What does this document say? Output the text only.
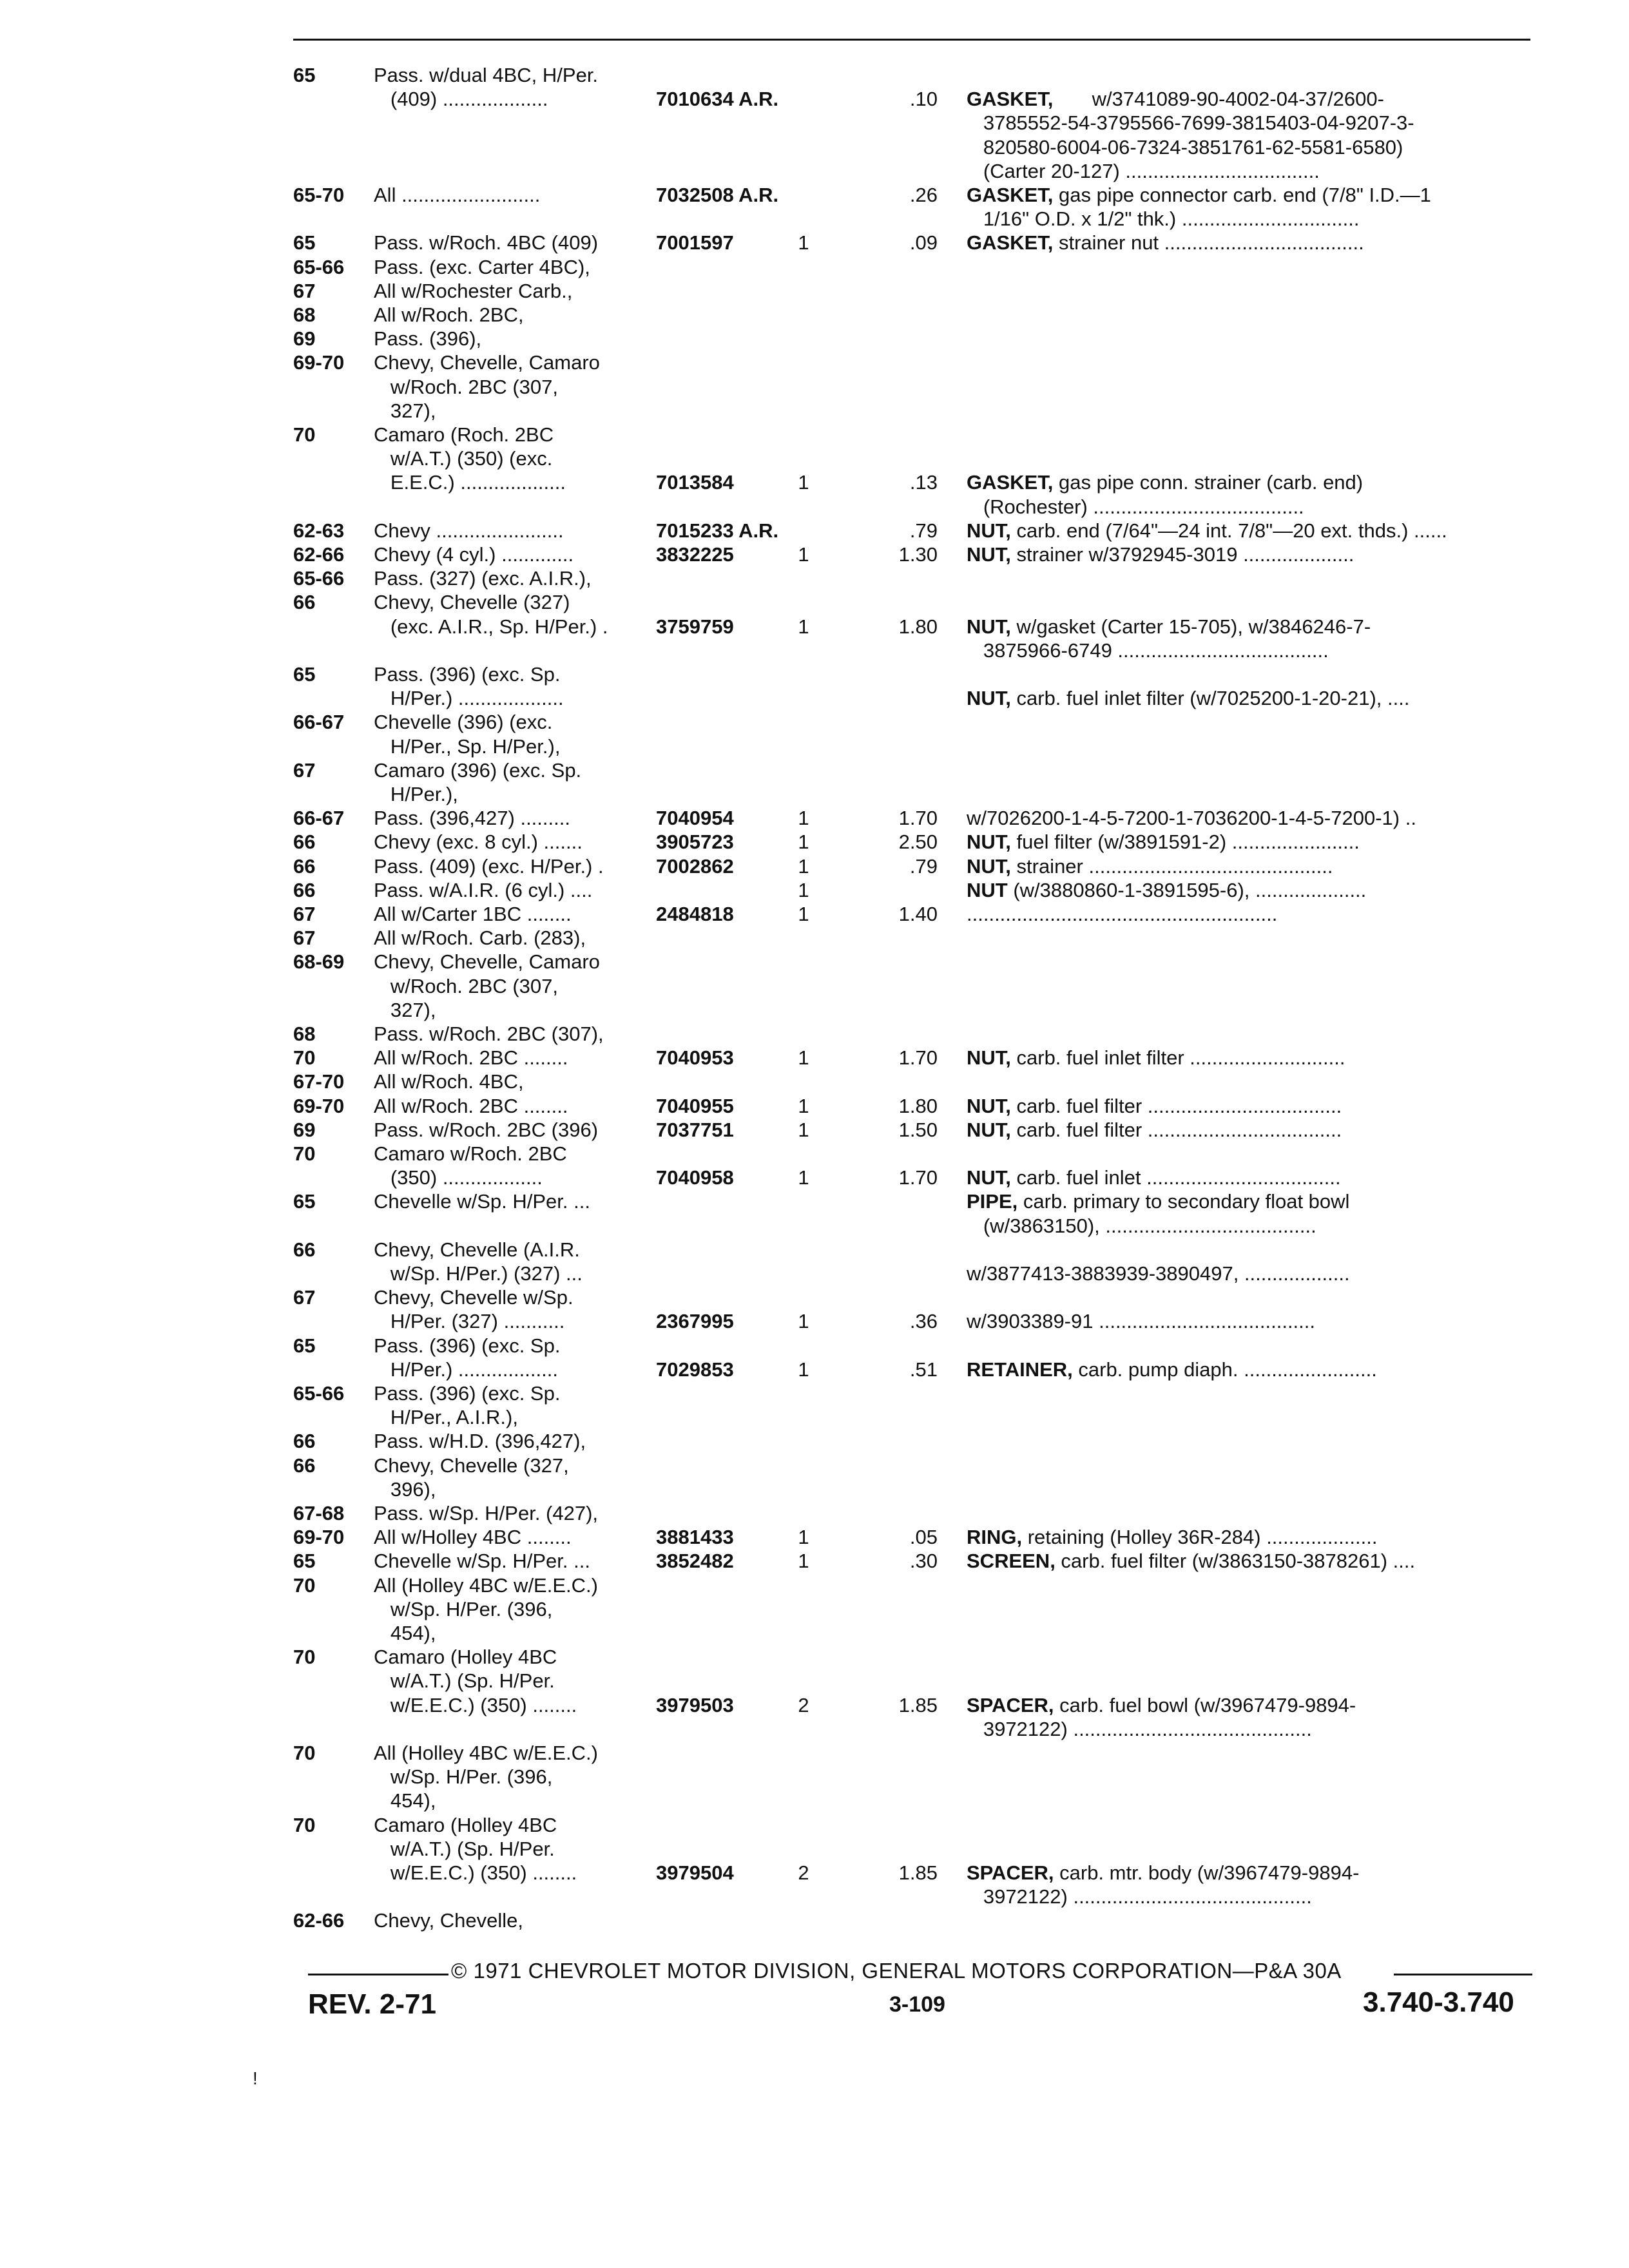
65	Pass. w/dual 4BC, H/Per.
(409) ...................	7010634 A.R.	.10 GASKET,       w/3741089-90-4002-04-37/2600-
3785552-54-3795566-7699-3815403-04-9207-3-
820580-6004-06-7324-3851761-62-5581-6580)
(Carter 20-127) ...................................
65-70	All .........................	7032508 A.R.	.26 GASKET, gas pipe connector carb. end (7/8" I.D.—1
1/16" O.D. x 1/2" thk.) ................................
65	Pass. w/Roch. 4BC (409)	7001597	1	.09 GASKET, strainer nut ....................................
65-66	Pass. (exc. Carter 4BC),
67	All w/Rochester Carb.,
68	All w/Roch. 2BC,
69	Pass. (396),
69-70	Chevy, Chevelle, Camaro
w/Roch. 2BC (307,
327),
70	Camaro (Roch. 2BC
w/A.T.) (350) (exc.
E.E.C.) ...................	7013584	1	.13 GASKET, gas pipe conn. strainer (carb. end)
(Rochester) ......................................
62-63	Chevy .......................	7015233 A.R.	.79 NUT, carb. end (7/64"—24 int. 7/8"—20 ext. thds.) ......
62-66	Chevy (4 cyl.) .............	3832225	1	1.30 NUT, strainer w/3792945-3019 ....................
65-66	Pass. (327) (exc. A.I.R.),
66	Chevy, Chevelle (327)
(exc. A.I.R., Sp. H/Per.) .	3759759	1	1.80 NUT, w/gasket (Carter 15-705), w/3846246-7-
3875966-6749 ......................................
65	Pass. (396) (exc. Sp.
H/Per.) ...................	NUT, carb. fuel inlet filter (w/7025200-1-20-21), ....
66-67	Chevelle (396) (exc.
H/Per., Sp. H/Per.),
67	Camaro (396) (exc. Sp.
H/Per.),
66-67	Pass. (396,427) .........	7040954	1	1.70 w/7026200-1-4-5-7200-1-7036200-1-4-5-7200-1) ..
66	Chevy (exc. 8 cyl.) .......	3905723	1	2.50 NUT, fuel filter (w/3891591-2) .......................
66	Pass. (409) (exc. H/Per.) .	7002862	1	.79 NUT, strainer ............................................
66	Pass. w/A.I.R. (6 cyl.) ....	1	NUT (w/3880860-1-3891595-6), ....................
67	All w/Carter 1BC ........	2484818	1	1.40 ........................................................
67	All w/Roch. Carb. (283),
68-69	Chevy, Chevelle, Camaro
w/Roch. 2BC (307,
327),
68	Pass. w/Roch. 2BC (307),
70	All w/Roch. 2BC ........	7040953	1	1.70 NUT, carb. fuel inlet filter ............................
67-70	All w/Roch. 4BC,
69-70	All w/Roch. 2BC ........	7040955	1	1.80 NUT, carb. fuel filter ...................................
69	Pass. w/Roch. 2BC (396)	7037751	1	1.50 NUT, carb. fuel filter ...................................
70	Camaro w/Roch. 2BC
(350) ..................	7040958	1	1.70 NUT, carb. fuel inlet ...................................
65	Chevelle w/Sp. H/Per. ...	PIPE, carb. primary to secondary float bowl
(w/3863150), ......................................
66	Chevy, Chevelle (A.I.R.
w/Sp. H/Per.) (327) ...	w/3877413-3883939-3890497, ...................
67	Chevy, Chevelle w/Sp.
H/Per. (327) ...........	2367995	1	.36 w/3903389-91 .......................................
65	Pass. (396) (exc. Sp.
H/Per.) ..................	7029853	1	.51 RETAINER, carb. pump diaph. ........................
65-66	Pass. (396) (exc. Sp.
H/Per., A.I.R.),
66	Pass. w/H.D. (396,427),
66	Chevy, Chevelle (327,
396),
67-68	Pass. w/Sp. H/Per. (427),
69-70	All w/Holley 4BC ........	3881433	1	.05 RING, retaining (Holley 36R-284) ....................
65	Chevelle w/Sp. H/Per. ...	3852482	1	.30 SCREEN, carb. fuel filter (w/3863150-3878261) ....
70	All (Holley 4BC w/E.E.C.)
w/Sp. H/Per. (396,
454),
70	Camaro (Holley 4BC
w/A.T.) (Sp. H/Per.
w/E.E.C.) (350) ........	3979503	2	1.85 SPACER, carb. fuel bowl (w/3967479-9894-
3972122) ...........................................
70	All (Holley 4BC w/E.E.C.)
w/Sp. H/Per. (396,
454),
70	Camaro (Holley 4BC
w/A.T.) (Sp. H/Per.
w/E.E.C.) (350) ........	3979504	2	1.85 SPACER, carb. mtr. body (w/3967479-9894-
3972122) ...........................................
62-66	Chevy, Chevelle,
© 1971 CHEVROLET MOTOR DIVISION, GENERAL MOTORS CORPORATION—P&A 30A
REV. 2-71	3-109	3.740-3.740
!
